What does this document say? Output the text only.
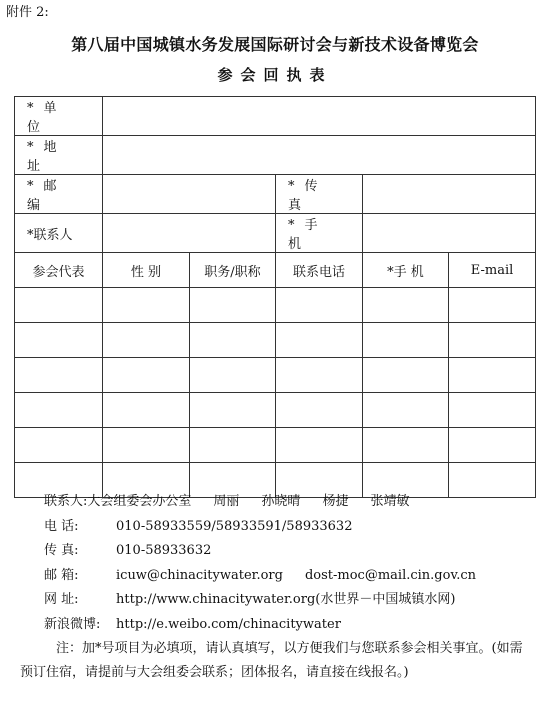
附件 2:
第八届中国城镇水务发展国际研讨会与新技术设备博览会
参会回执表
*单 位					
*地 址					
*邮 编			*传 真		
*联系人			*手 机		
参会代表	性 别	职务/职称	联系电话	*手 机	E-mail

联系人: 大会组委会办公室 周丽 孙晓晴 杨捷 张靖敏
电 话:	010-58933559/58933591/58933632
传 真:	010-58933632
邮 箱:	icuw@chinacitywater.org dost-moc@mail.cin.gov.cn
网 址:	http://www.chinacitywater.org (水世界－中国城镇水网)
新浪微博:	http://e.weibo.com/chinacitywater
注：加*号项目为必填项，请认真填写，以方便我们与您联系参会相关事宜。(如需预订住宿，请提前与大会组委会联系；团体报名，请直接在线报名。)
